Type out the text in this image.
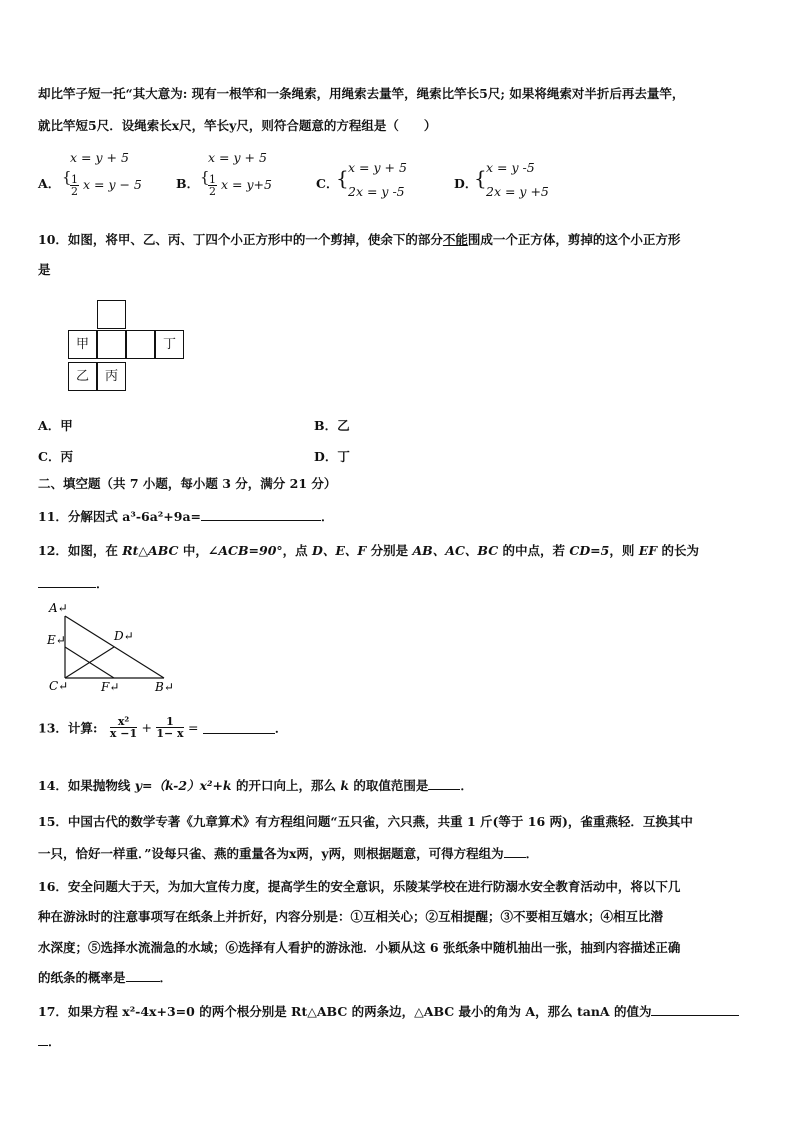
却比竿子短一托“其大意为: 现有一根竿和一条绳索，用绳索去量竿，绳索比竿长5尺; 如果将绳索对半折后再去量竿，
就比竿短5尺．设绳索长x尺，竿长y尺，则符合题意的方程组是（　　）
A．
x = y + 5
{
$\frac{1}{2}$ x = y − 5	B．
x = y + 5
{
$\frac{1}{2}$ x = y+5	C．
{ x = y + 5
2x = y -5
D．
{ x = y -5
2x = y +5
10．如图，将甲、乙、丙、丁四个小正方形中的一个剪掉，使余下的部分不能围成一个正方体，剪掉的这个小正方形
是
甲	丁
乙	丙
A．甲	B．乙
C．丙	D．丁
二、填空题（共 7 小题，每小题 3 分，满分 21 分）
11．分解因式 a³-6a²+9a=	．
12．如图，在 Rt△ABC 中，∠ACB=90°，点 D、E、F 分别是 AB、AC、BC 的中点，若 CD=5，则 EF 的长为
．
A↵
E↵	D↵
C↵	F↵	B↵
13．计算: $\frac{\text{x²}}{x -1} + \frac{1}{1- x}$ =	．
14．如果抛物线 y=（k-2）x²+k 的开口向上，那么 k 的取值范围是	．
15．中国古代的数学专著《九章算术》有方程组问题“五只雀，六只燕，共重 1 斤(等于 16 两)，雀重燕轻．互换其中
一只，恰好一样重．”设每只雀、燕的重量各为x两，y两，则根据题意，可得方程组为 ．
16．安全问题大于天，为加大宣传力度，提高学生的安全意识，乐陵某学校在进行防溺水安全教育活动中，将以下几
种在游泳时的注意事项写在纸条上并折好，内容分别是：①互相关心；②互相提醒；③不要相互嬉水；④相互比潜
水深度；⑤选择水流湍急的水域；⑥选择有人看护的游泳池．小颖从这 6 张纸条中随机抽出一张，抽到内容描述正确
的纸条的概率是	．
17．如果方程 x²-4x+3=0 的两个根分别是 Rt△ABC 的两条边，△ABC 最小的角为 A，那么 tanA 的值为
．
